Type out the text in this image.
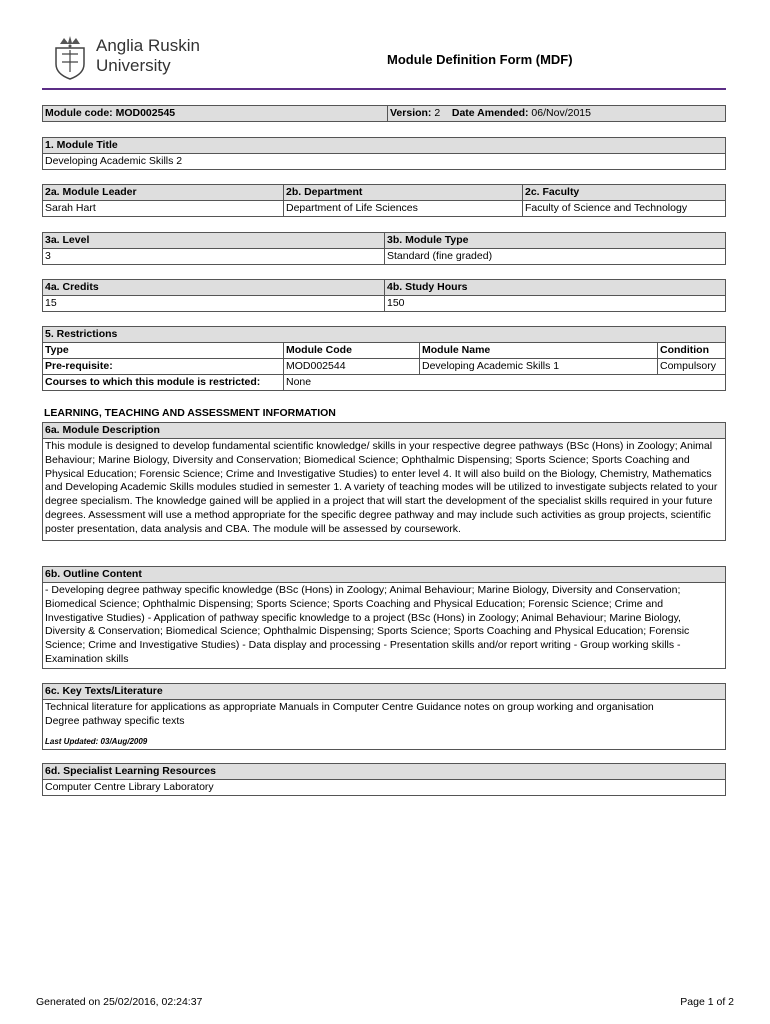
Anglia Ruskin
University	Module Definition Form (MDF)
Module code: MOD002545	Version: 2 Date Amended: 06/Nov/2015
1. Module Title
Developing Academic Skills 2
2a. Module Leader	2b. Department	2c. Faculty
Sarah Hart	Department of Life Sciences	Faculty of Science and Technology
3a. Level	3b. Module Type
3	Standard (fine graded)
4a. Credits	4b. Study Hours
15	150
5. Restrictions			
Type	Module Code	Module Name	Condition
Pre-requisite:	MOD002544	Developing Academic Skills 1	Compulsory
Courses to which this module is restricted:	None		
LEARNING, TEACHING AND ASSESSMENT INFORMATION
6a. Module Description
This module is designed to develop fundamental scientific knowledge/ skills in your respective degree pathways (BSc (Hons) in Zoology; Animal Behaviour; Marine Biology, Diversity and Conservation; Biomedical Science; Ophthalmic Dispensing; Sports Science; Sports Coaching and Physical Education; Forensic Science; Crime and Investigative Studies) to enter level 4. It will also build on the Biology, Chemistry, Mathematics and Developing Academic Skills modules studied in semester 1. A variety of teaching modes will be utilized to investigate subjects related to your degree specialism. The knowledge gained will be applied in a project that will start the development of the specialist skills required in your future degrees. Assessment will use a method appropriate for the specific degree pathway and may include such activities as group projects, scientific poster presentation, data analysis and CBA. The module will be assessed by coursework.
6b. Outline Content
- Developing degree pathway specific knowledge (BSc (Hons) in Zoology; Animal Behaviour; Marine Biology, Diversity and Conservation; Biomedical Science; Ophthalmic Dispensing; Sports Science; Sports Coaching and Physical Education; Forensic Science; Crime and Investigative Studies) - Application of pathway specific knowledge to a project (BSc (Hons) in Zoology; Animal Behaviour; Marine Biology, Diversity & Conservation; Biomedical Science; Ophthalmic Dispensing; Sports Science; Sports Coaching and Physical Education; Forensic Science; Crime and Investigative Studies) - Data display and processing - Presentation skills and/or report writing - Group working skills - Examination skills
6c. Key Texts/Literature

Technical literature for applications as appropriate Manuals in Computer Centre Guidance notes on group working and organisation
Degree pathway specific texts
Last Updated: 03/Aug/2009
6d. Specialist Learning Resources
Computer Centre Library Laboratory
Generated on 25/02/2016, 02:24:37	Page 1 of 2
